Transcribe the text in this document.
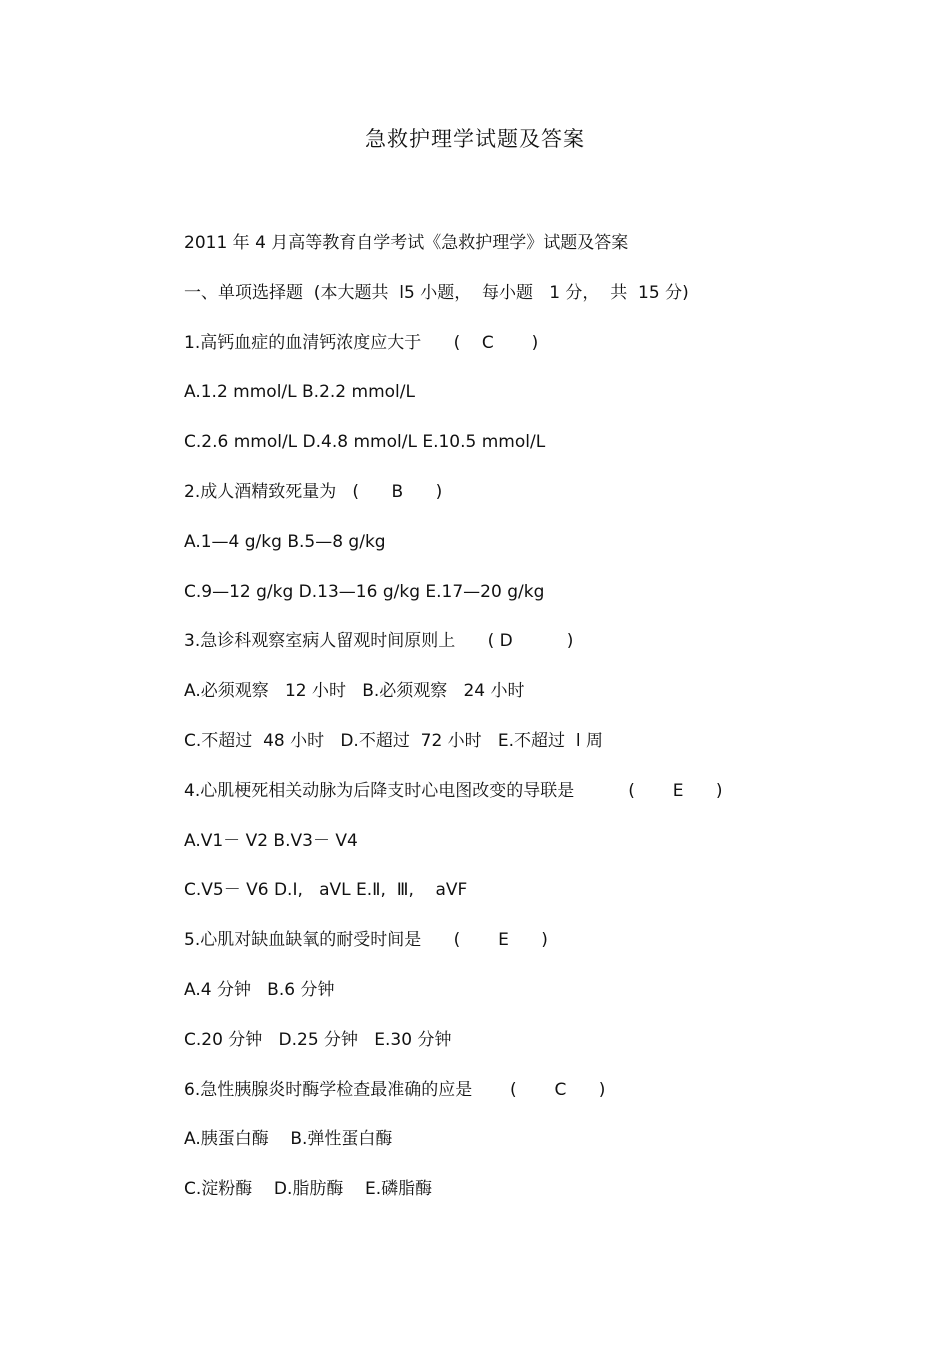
急救护理学试题及答案
2011 年 4 月高等教育自学考试《急救护理学》试题及答案
一、单项选择题  (本大题共  l5 小题，  每小题   1 分，  共  15 分)
1.高钙血症的血清钙浓度应大于      (    C       )
A.1.2 mmol/L B.2.2 mmol/L
C.2.6 mmol/L D.4.8 mmol/L E.10.5 mmol/L
2.成人酒精致死量为   (      B      )
A.1—4 g/kg B.5—8 g/kg
C.9—12 g/kg D.13—16 g/kg E.17—20 g/kg
3.急诊科观察室病人留观时间原则上      ( D          )
A.必须观察   12 小时   B.必须观察   24 小时
C.不超过  48 小时   D.不超过  72 小时   E.不超过  l 周
4.心肌梗死相关动脉为后降支时心电图改变的导联是          (       E      )
A.V1－ V2 B.V3－ V4
C.V5－ V6 D.Ⅰ,   aVL E.Ⅱ,  Ⅲ,    aVF
5.心肌对缺血缺氧的耐受时间是      (       E      )
A.4 分钟   B.6 分钟
C.20 分钟   D.25 分钟   E.30 分钟
6.急性胰腺炎时酶学检查最准确的应是       (       C      )
A.胰蛋白酶    B.弹性蛋白酶
C.淀粉酶    D.脂肪酶    E.磷脂酶
